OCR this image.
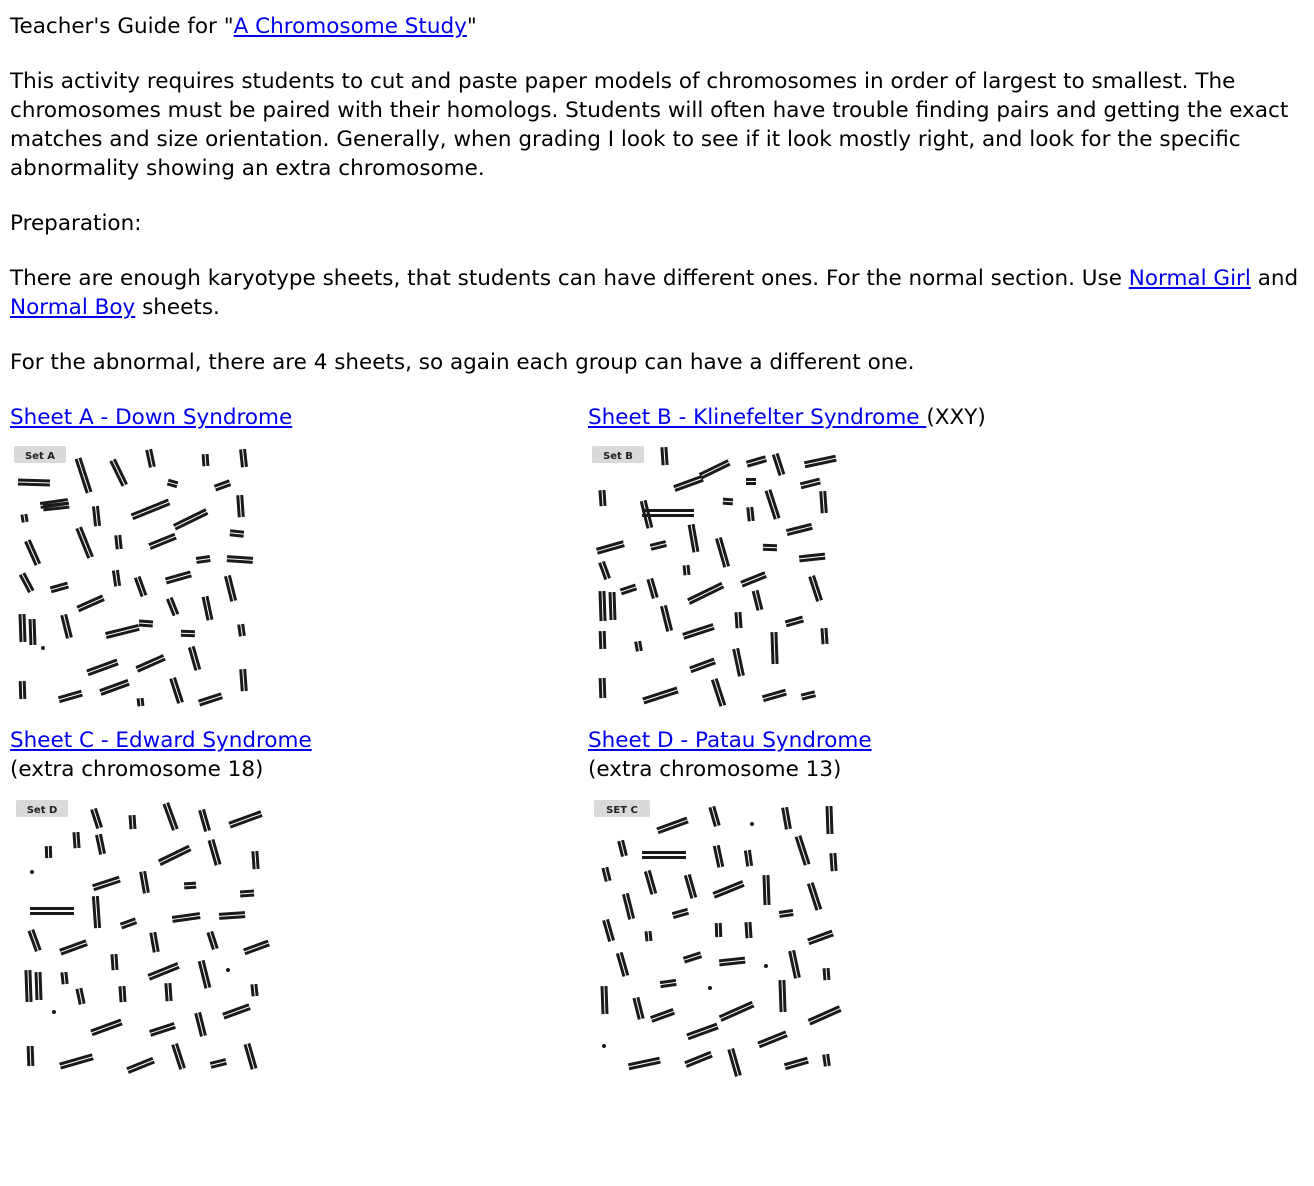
Teacher's Guide for "A Chromosome Study"

This activity requires students to cut and paste paper models of chromosomes in order of largest to smallest. The chromosomes must be paired with their homologs. Students will often have trouble finding pairs and getting the exact matches and size orientation. Generally, when grading I look to see if it look mostly right, and look for the specific abnormality showing an extra chromosome.

Preparation:

There are enough karyotype sheets, that students can have different ones. For the normal section. Use Normal Girl and Normal Boy sheets.

For the abnormal, there are 4 sheets, so again each group can have a different one.

Sheet A - Down Syndrome

Set A

Sheet B - Klinefelter Syndrome (XXY)

Set B

Sheet C - Edward Syndrome

(extra chromosome 18)

Set D

Sheet D - Patau Syndrome

(extra chromosome 13)

SET C
